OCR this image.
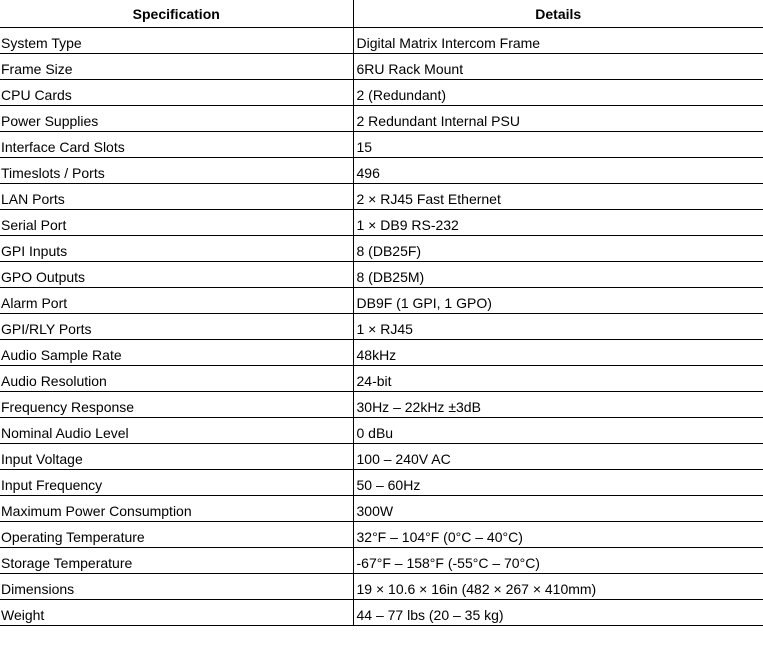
Specification	Details
System Type	Digital Matrix Intercom Frame
Frame Size	6RU Rack Mount
CPU Cards	2 (Redundant)
Power Supplies	2 Redundant Internal PSU
Interface Card Slots	15
Timeslots / Ports	496
LAN Ports	2 × RJ45 Fast Ethernet
Serial Port	1 × DB9 RS-232
GPI Inputs	8 (DB25F)
GPO Outputs	8 (DB25M)
Alarm Port	DB9F (1 GPI, 1 GPO)
GPI/RLY Ports	1 × RJ45
Audio Sample Rate	48kHz
Audio Resolution	24-bit
Frequency Response	30Hz – 22kHz ±3dB
Nominal Audio Level	0 dBu
Input Voltage	100 – 240V AC
Input Frequency	50 – 60Hz
Maximum Power Consumption	300W
Operating Temperature	32°F – 104°F (0°C – 40°C)
Storage Temperature	-67°F – 158°F (-55°C – 70°C)
Dimensions	19 × 10.6 × 16in (482 × 267 × 410mm)
Weight	44 – 77 lbs (20 – 35 kg)
